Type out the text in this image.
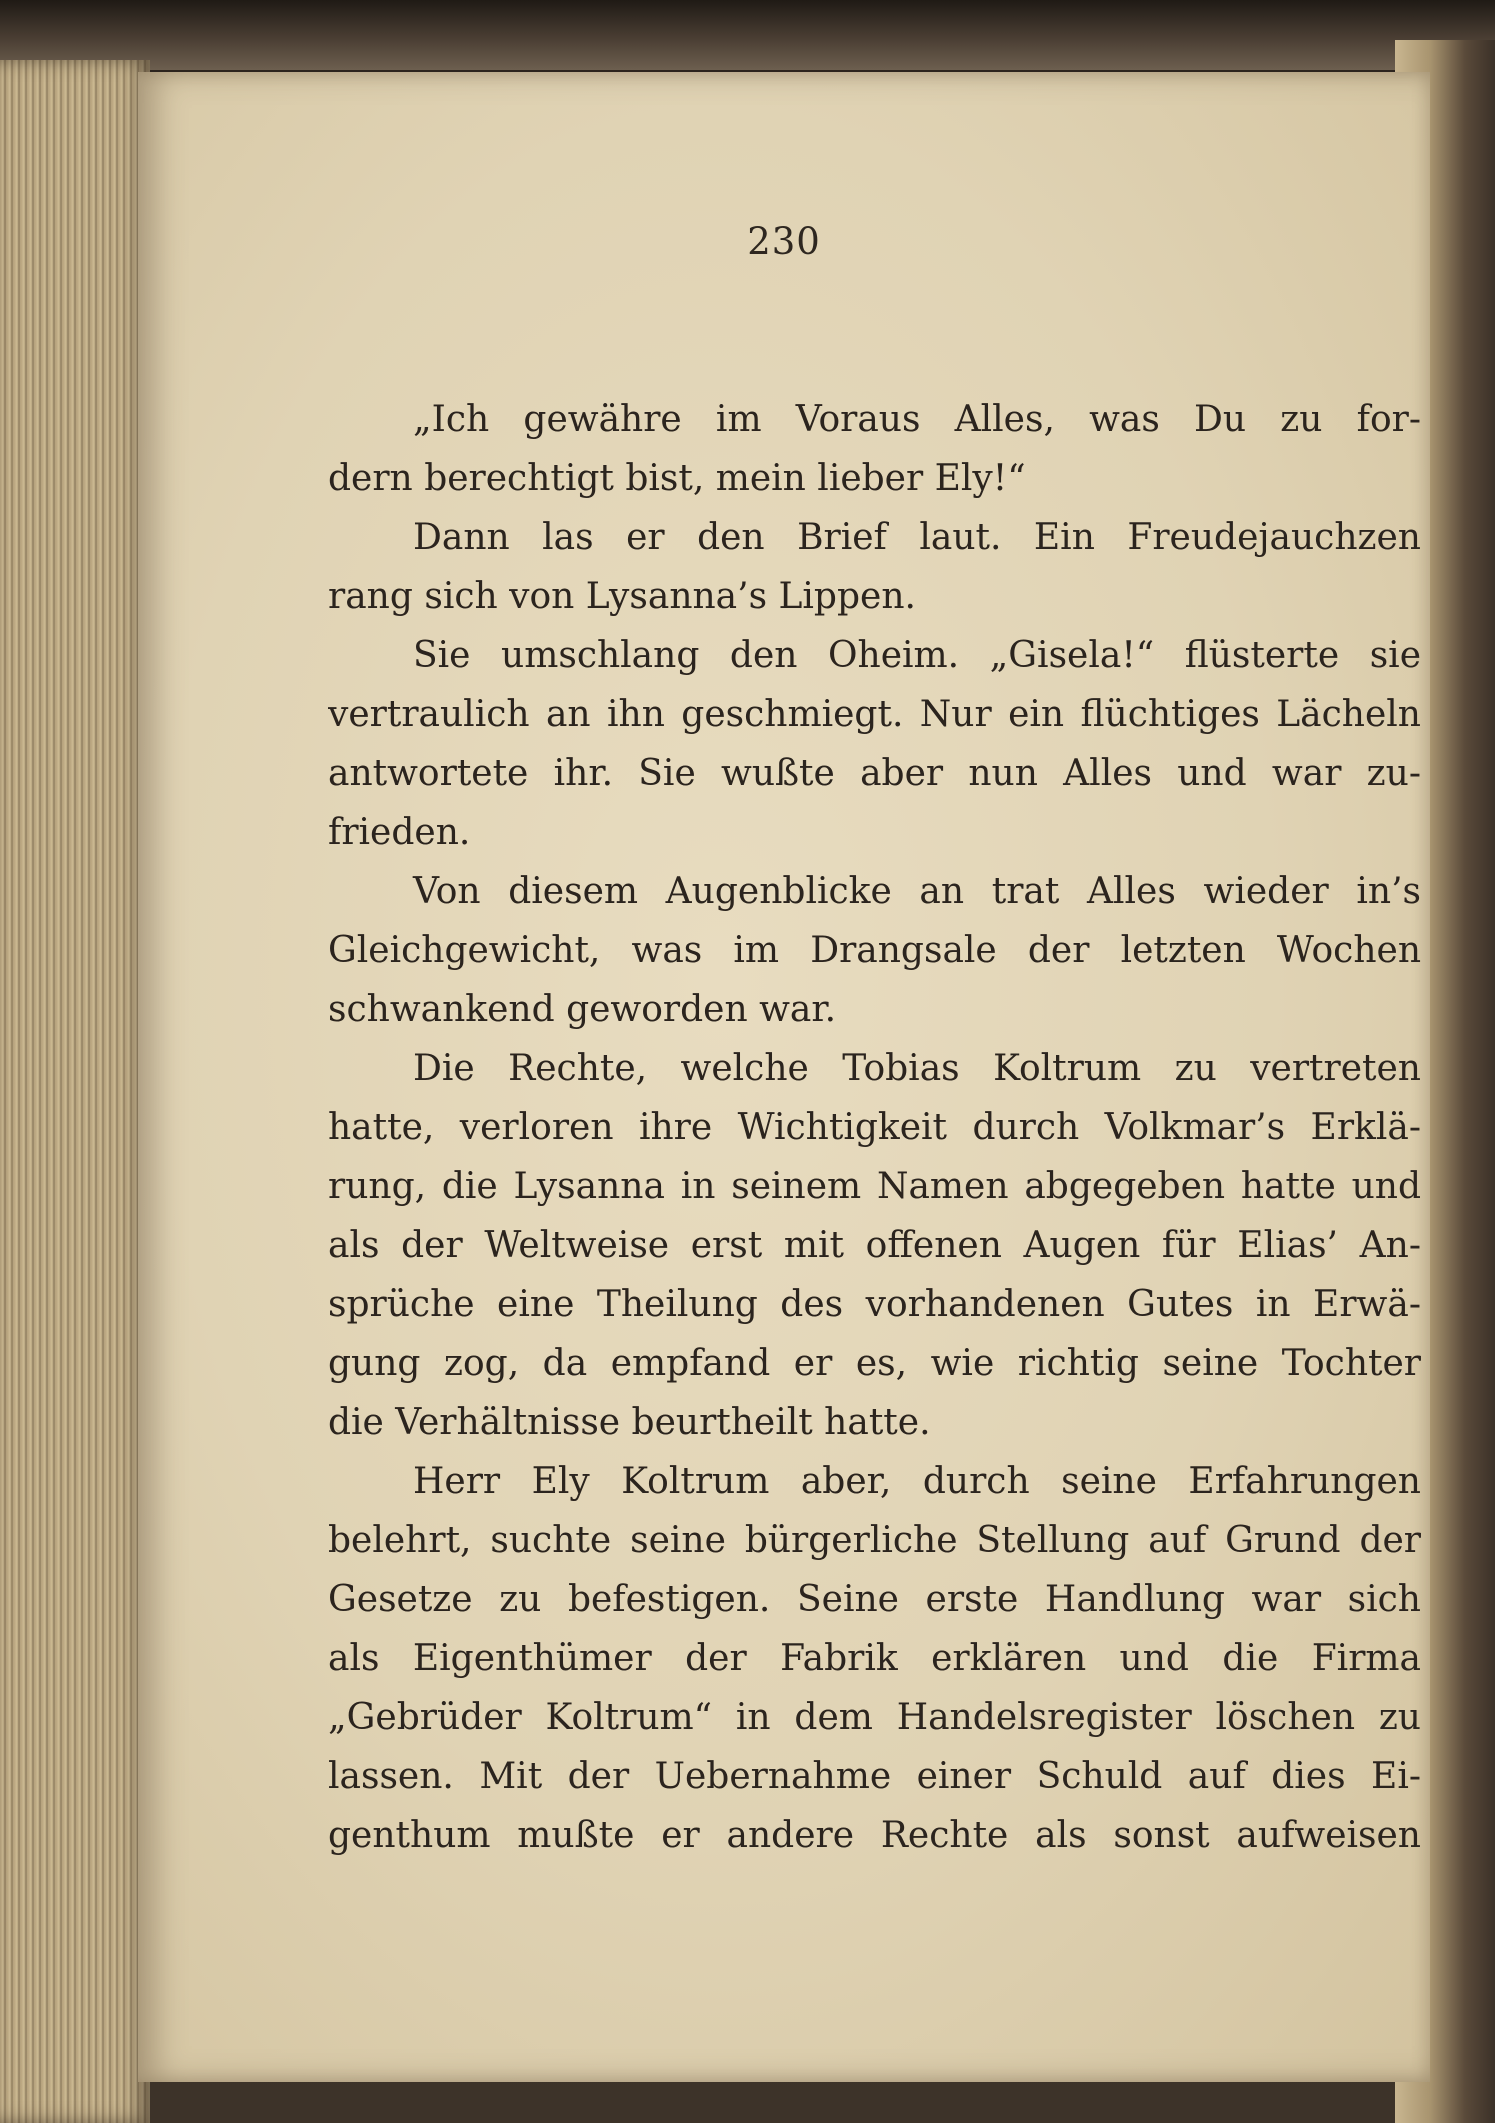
230
„Ich gewähre im Voraus Alles, was Du zu for-
dern berechtigt bist, mein lieber Ely!“
Dann las er den Brief laut. Ein Freudejauchzen
rang sich von Lysanna’s Lippen.
Sie umschlang den Oheim. „Gisela!“ flüsterte sie
vertraulich an ihn geschmiegt. Nur ein flüchtiges Lächeln
antwortete ihr. Sie wußte aber nun Alles und war zu-
frieden.
Von diesem Augenblicke an trat Alles wieder in’s
Gleichgewicht, was im Drangsale der letzten Wochen
schwankend geworden war.
Die Rechte, welche Tobias Koltrum zu vertreten
hatte, verloren ihre Wichtigkeit durch Volkmar’s Erklä-
rung, die Lysanna in seinem Namen abgegeben hatte und
als der Weltweise erst mit offenen Augen für Elias’ An-
sprüche eine Theilung des vorhandenen Gutes in Erwä-
gung zog, da empfand er es, wie richtig seine Tochter
die Verhältnisse beurtheilt hatte.
Herr Ely Koltrum aber, durch seine Erfahrungen
belehrt, suchte seine bürgerliche Stellung auf Grund der
Gesetze zu befestigen. Seine erste Handlung war sich
als Eigenthümer der Fabrik erklären und die Firma
„Gebrüder Koltrum“ in dem Handelsregister löschen zu
lassen. Mit der Uebernahme einer Schuld auf dies Ei-
genthum mußte er andere Rechte als sonst aufweisen
